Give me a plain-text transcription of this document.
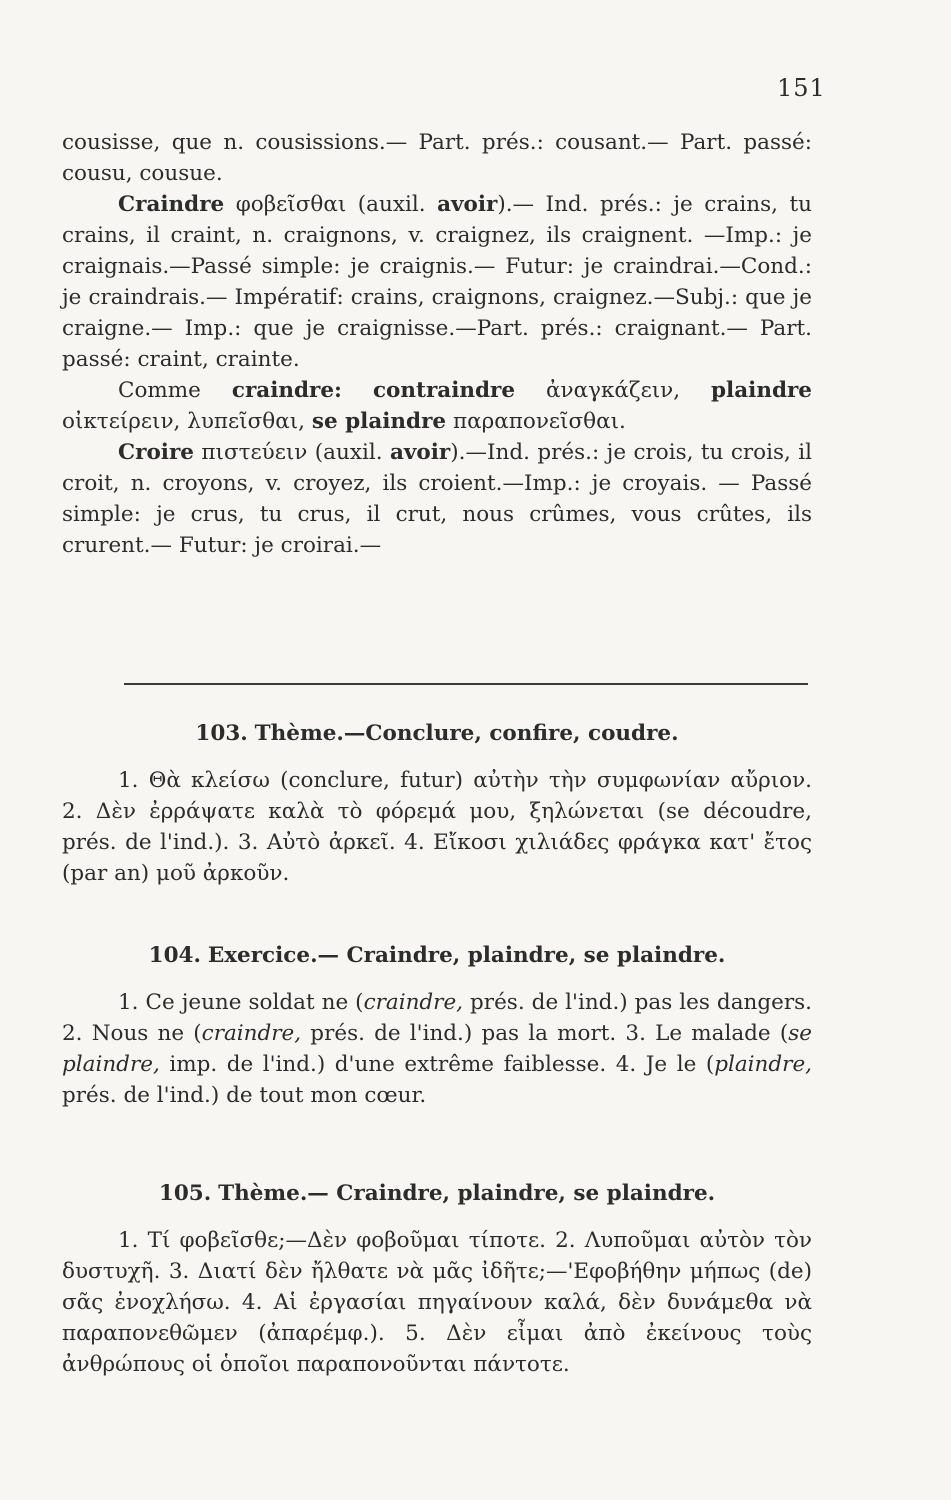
151

cousisse, que n. cousissions.— Part. prés.: cousant.— Part. passé: cousu, cousue.

Craindre φοβεῖσθαι (auxil. avoir).— Ind. prés.: je crains, tu crains, il craint, n. craignons, v. craignez, ils craignent. —Imp.: je craignais.—Passé simple: je craignis.— Futur: je craindrai.—Cond.: je craindrais.— Impératif: crains, craignons, craignez.—Subj.: que je craigne.— Imp.: que je craignisse.—Part. prés.: craignant.— Part. passé: craint, crainte.

Comme craindre: contraindre ἀναγκάζειν, plaindre οἰκτείρειν, λυπεῖσθαι, se plaindre παραπονεῖσθαι.

Croire πιστεύειν (auxil. avoir).—Ind. prés.: je crois, tu crois, il croit, n. croyons, v. croyez, ils croient.—Imp.: je croyais. — Passé simple: je crus, tu crus, il crut, nous crûmes, vous crûtes, ils crurent.— Futur: je croirai.—

103. Thème.—Conclure, confire, coudre.

1. Θὰ κλείσω (conclure, futur) αὐτὴν τὴν συμφωνίαν αὔριον. 2. Δὲν ἐρράψατε καλὰ τὸ φόρεμά μου, ξηλώνεται (se découdre, prés. de l'ind.). 3. Αὐτὸ ἀρκεῖ. 4. Εἴκοσι χιλιάδες φράγκα κατ' ἔτος (par an) μοῦ ἀρκοῦν.

104. Exercice.— Craindre, plaindre, se plaindre.

1. Ce jeune soldat ne (craindre, prés. de l'ind.) pas les dangers. 2. Nous ne (craindre, prés. de l'ind.) pas la mort. 3. Le malade (se plaindre, imp. de l'ind.) d'une extrême faiblesse. 4. Je le (plaindre, prés. de l'ind.) de tout mon cœur.

105. Thème.— Craindre, plaindre, se plaindre.

1. Τί φοβεῖσθε;—Δὲν φοβοῦμαι τίποτε. 2. Λυποῦμαι αὐτὸν τὸν δυστυχῆ. 3. Διατί δὲν ἤλθατε νὰ μᾶς ἰδῆτε;—'Εφοβήθην μήπως (de) σᾶς ἐνοχλήσω. 4. Αἱ ἐργασίαι πηγαίνουν καλά, δὲν δυνάμεθα νὰ παραπονεθῶμεν (ἀπαρέμφ.). 5. Δὲν εἶμαι ἀπὸ ἐκείνους τοὺς ἀνθρώπους οἱ ὁποῖοι παραπονοῦνται πάντοτε.
